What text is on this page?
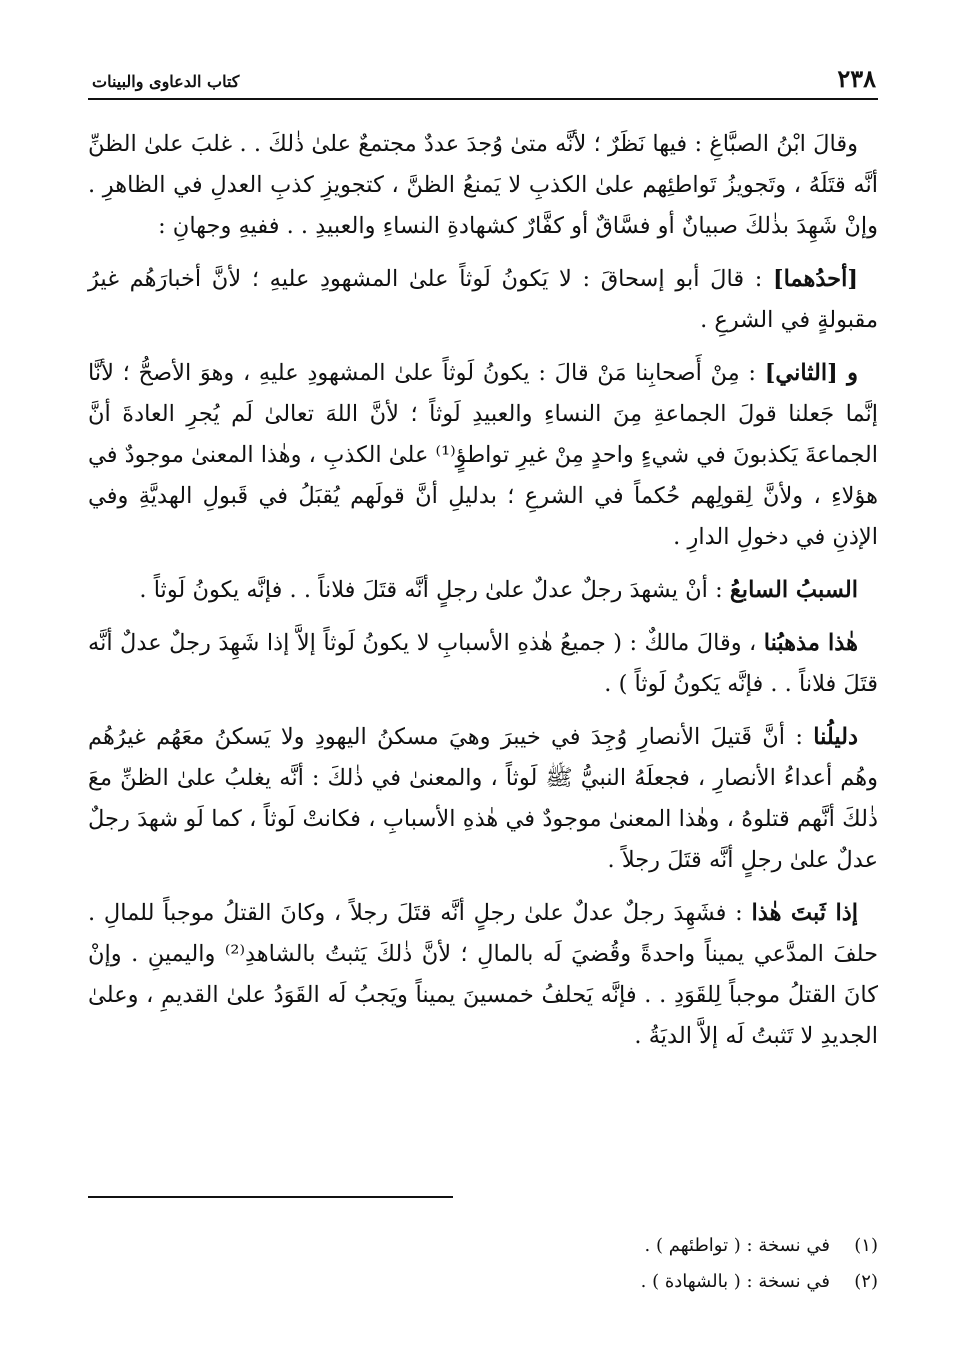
٢٣٨
كتاب الدعاوى والبينات

وقالَ ابْنُ الصبَّاغِ : فيها نَظَرٌ ؛ لأنَّه متىٰ وُجدَ عددٌ مجتمعٌ علىٰ ذٰلكَ . . غلبَ علىٰ الظنِّ أنَّه قتَلَهُ ، وتَجويزُ تَواطئِهم علىٰ الكذبِ لا يَمنعُ الظنَّ ، كتجويزِ كذبِ العدلِ في الظاهرِ . وإنْ شَهِدَ بذٰلكَ صبيانٌ أو فسَّاقٌ أو كفَّارٌ كشهادةِ النساءِ والعبيدِ . . ففيهِ وجهانِ :

[أحدُهما] : قالَ أبو إسحاقَ : لا يَكونُ لَوثاً علىٰ المشهودِ عليهِ ؛ لأنَّ أخبارَهُم غيرُ مقبولةٍ في الشرعِ .

و [الثاني] : مِنْ أَصحابِنا مَنْ قالَ : يكونُ لَوثاً علىٰ المشهودِ عليهِ ، وهوَ الأصحُّ ؛ لأنَّا إنَّما جَعلنا قولَ الجماعةِ مِنَ النساءِ والعبيدِ لَوثاً ؛ لأنَّ اللهَ تعالىٰ لَم يُجرِ العادةَ أنَّ الجماعةَ يَكذبونَ في شيءٍ واحدٍ مِنْ غيرِ تواطؤٍ⁽¹⁾ علىٰ الكذبِ ، وهٰذا المعنىٰ موجودٌ في هؤلاءِ ، ولأنَّ لِقولِهم حُكماً في الشرعِ ؛ بدليلِ أنَّ قولَهم يُقبَلُ في قَبولِ الهديَّةِ وفي الإذنِ في دخولِ الدارِ .

السببُ السابعُ : أنْ يشهدَ رجلٌ عدلٌ علىٰ رجلٍ أنَّه قتَلَ فلاناً . . فإنَّه يكونُ لَوثاً .

هٰذا مذهبُنا ، وقالَ مالكٌ : ( جميعُ هٰذهِ الأسبابِ لا يكونُ لَوثاً إلاَّ إذا شَهِدَ رجلٌ عدلٌ أنَّه قتَلَ فلاناً . . فإنَّه يَكونُ لَوثاً ) .

دليلُنا : أنَّ قَتيلَ الأنصارِ وُجِدَ في خيبرَ وهيَ مسكنُ اليهودِ ولا يَسكنُ معَهُم غيرُهُم وهُم أعداءُ الأنصارِ ، فجعلَهُ النبيُّ ﷺ لَوثاً ، والمعنىٰ في ذٰلكَ : أنَّه يغلبُ علىٰ الظنِّ معَ ذٰلكَ أنَّهم قتلوهُ ، وهٰذا المعنىٰ موجودٌ في هٰذهِ الأسبابِ ، فكانتْ لَوثاً ، كما لَو شهدَ رجلٌ عدلٌ علىٰ رجلٍ أنَّه قتَلَ رجلاً .

إذا ثَبتَ هٰذا : فشَهِدَ رجلٌ عدلٌ علىٰ رجلٍ أنَّه قتَلَ رجلاً ، وكانَ القتلُ موجباً للمالِ . حلفَ المدَّعي يميناً واحدةً وقُضيَ لَه بالمالِ ؛ لأنَّ ذٰلكَ يَثبتُ بالشاهدِ⁽²⁾ واليمينِ . وإنْ كانَ القتلُ موجباً لِلقَوَدِ . . فإنَّه يَحلفُ خمسينَ يميناً ويَجبُ لَه القَوَدُ علىٰ القديمِ ، وعلىٰ الجديدِ لا تَثبتُ لَه إلاَّ الديَةُ .

(١)
في نسخة : ( تواطئهم ) .
(٢)
في نسخة : ( بالشهادة ) .
